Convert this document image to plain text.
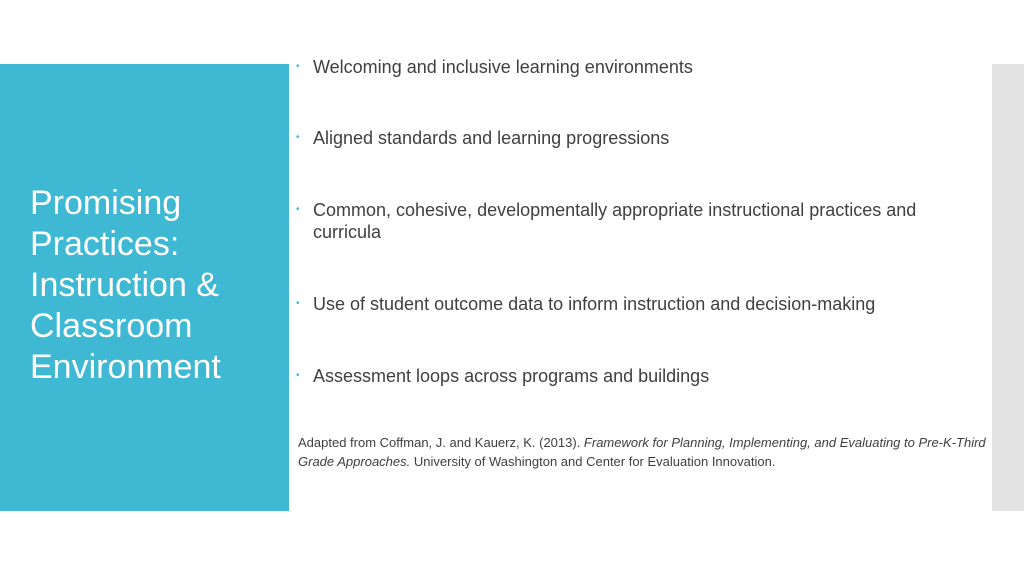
Promising Practices: Instruction & Classroom Environment
• Welcoming and inclusive learning environments
• Aligned standards and learning progressions
• Common, cohesive, developmentally appropriate instructional practices and curricula
• Use of student outcome data to inform instruction and decision-making
• Assessment loops across programs and buildings

Adapted from Coffman, J. and Kauerz, K. (2013). Framework for Planning, Implementing, and Evaluating to Pre-K-Third Grade Approaches. University of Washington and Center for Evaluation Innovation.
